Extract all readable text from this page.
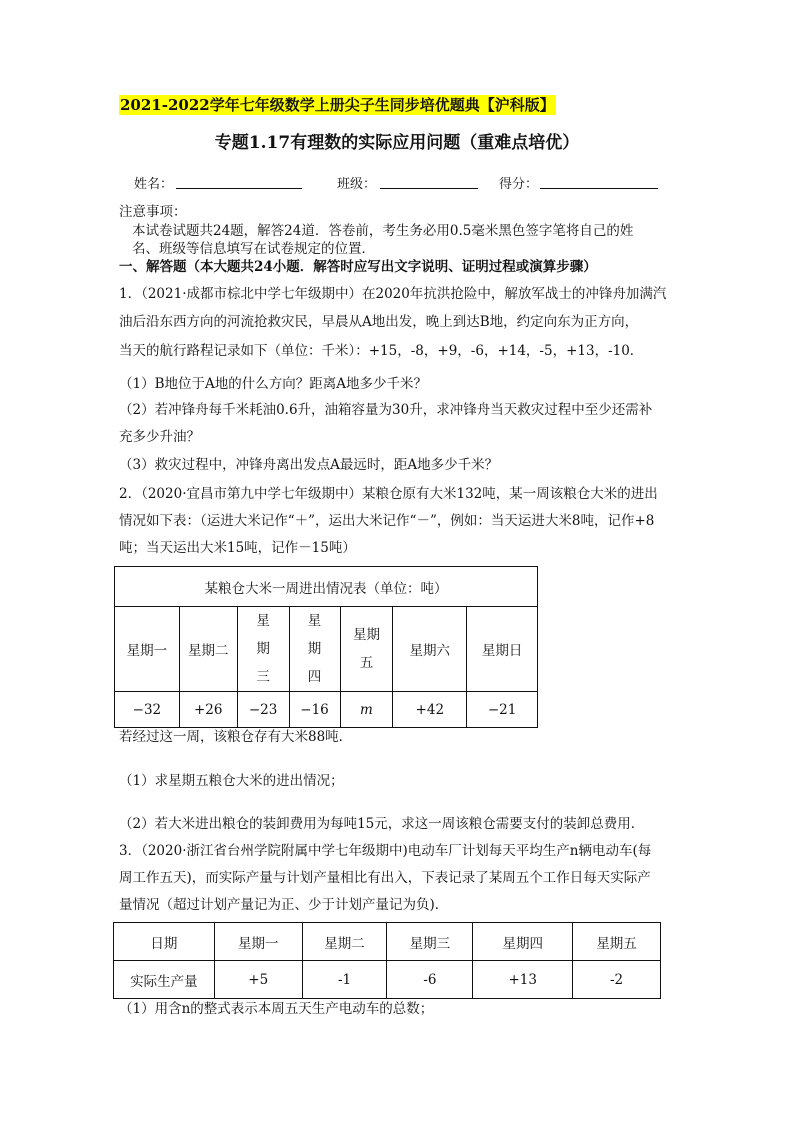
2021-2022学年七年级数学上册尖子生同步培优题典【沪科版】
专题1.17有理数的实际应用问题（重难点培优）
姓名：	班级：	得分：
注意事项：
本试卷试题共24题，解答24道．答卷前，考生务必用0.5毫米黑色签字笔将自己的姓
名、班级等信息填写在试卷规定的位置．
一、解答题（本大题共24小题．解答时应写出文字说明、证明过程或演算步骤）
1．（2021·成都市棕北中学七年级期中）在2020年抗洪抢险中，解放军战士的冲锋舟加满汽
油后沿东西方向的河流抢救灾民，早晨从A地出发，晚上到达B地，约定向东为正方向，
当天的航行路程记录如下（单位：千米）：+15，-8，+9，-6，+14，-5，+13，-10．
（1）B地位于A地的什么方向？距离A地多少千米？
（2）若冲锋舟每千米耗油0.6升，油箱容量为30升，求冲锋舟当天救灾过程中至少还需补
充多少升油？
（3）救灾过程中，冲锋舟离出发点A最远时，距A地多少千米？
2．（2020·宜昌市第九中学七年级期中）某粮仓原有大米132吨，某一周该粮仓大米的进出
情况如下表：（运进大米记作“＋”，运出大米记作“－”，例如：当天运进大米8吨，记作+8
吨；当天运出大米15吨，记作－15吨）
某粮仓大米一周进出情况表（单位：吨）						
星期一	星期二	星期三	星期四	星期五	星期六	星期日
−32	+26	−23	−16	m	+42	−21
若经过这一周，该粮仓存有大米88吨．
（1）求星期五粮仓大米的进出情况；
（2）若大米进出粮仓的装卸费用为每吨15元，求这一周该粮仓需要支付的装卸总费用．
3．（2020·浙江省台州学院附属中学七年级期中)电动车厂计划每天平均生产n辆电动车(每
周工作五天)，而实际产量与计划产量相比有出入，下表记录了某周五个工作日每天实际产
量情况（超过计划产量记为正、少于计划产量记为负)．
日期	星期一	星期二	星期三	星期四	星期五
实际生产量	+5	-1	-6	+13	-2
（1）用含n的整式表示本周五天生产电动车的总数；
